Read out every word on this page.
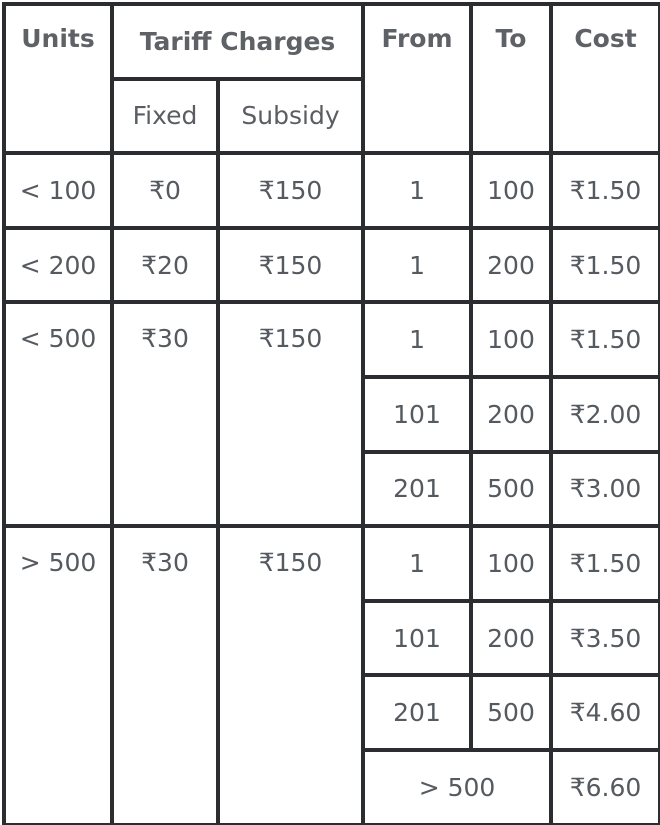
Units	Tariff Charges		From	To	Cost
	Fixed	Subsidy			
< 100	₹0	₹150	1	100	₹1.50
< 200	₹20	₹150	1	200	₹1.50
< 500	₹30	₹150	1	100	₹1.50
			101	200	₹2.00
			201	500	₹3.00
> 500	₹30	₹150	1	100	₹1.50
			101	200	₹3.50
			201	500	₹4.60
			> 500		₹6.60
